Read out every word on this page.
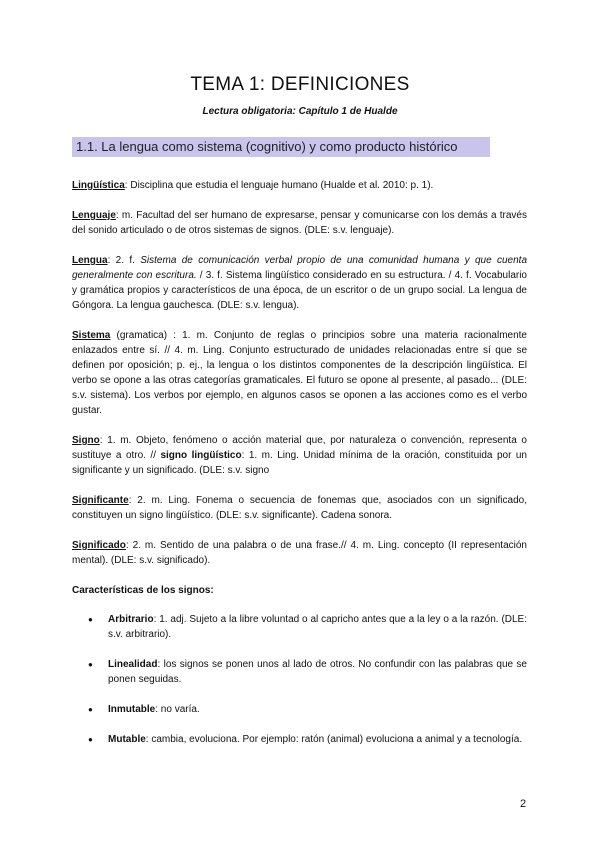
TEMA 1: DEFINICIONES
Lectura obligatoria: Capítulo 1 de Hualde
1.1. La lengua como sistema (cognitivo) y como producto histórico

Lingüística: Disciplina que estudia el lenguaje humano (Hualde et al. 2010: p. 1).

Lenguaje: m. Facultad del ser humano de expresarse, pensar y comunicarse con los demás a través del sonido articulado o de otros sistemas de signos. (DLE: s.v. lenguaje).

Lengua: 2. f. Sistema de comunicación verbal propio de una comunidad humana y que cuenta generalmente con escritura. / 3. f. Sistema lingüístico considerado en su estructura. / 4. f. Vocabulario y gramática propios y característicos de una época, de un escritor o de un grupo social. La lengua de Góngora. La lengua gauchesca. (DLE: s.v. lengua).

Sistema (gramatica) : 1. m. Conjunto de reglas o principios sobre una materia racionalmente enlazados entre sí. // 4. m. Ling. Conjunto estructurado de unidades relacionadas entre sí que se definen por oposición; p. ej., la lengua o los distintos componentes de la descripción lingüística. El verbo se opone a las otras categorías gramaticales. El futuro se opone al presente, al pasado... (DLE: s.v. sistema). Los verbos por ejemplo, en algunos casos se oponen a las acciones como es el verbo gustar.

Signo: 1. m. Objeto, fenómeno o acción material que, por naturaleza o convención, representa o sustituye a otro. // signo lingüístico: 1. m. Ling. Unidad mínima de la oración, constituida por un significante y un significado. (DLE: s.v. signo

Significante: 2. m. Ling. Fonema o secuencia de fonemas que, asociados con un significado, constituyen un signo lingüístico. (DLE: s.v. significante). Cadena sonora.

Significado: 2. m. Sentido de una palabra o de una frase.// 4. m. Ling. concepto (II representación mental). (DLE: s.v. significado).

Características de los signos:

● Arbitrario: 1. adj. Sujeto a la libre voluntad o al capricho antes que a la ley o a la razón. (DLE: s.v. arbitrario).
● Linealidad: los signos se ponen unos al lado de otros. No confundir con las palabras que se ponen seguidas.
● Inmutable: no varía.
● Mutable: cambia, evoluciona. Por ejemplo: ratón (animal) evoluciona a animal y a tecnología.
2
